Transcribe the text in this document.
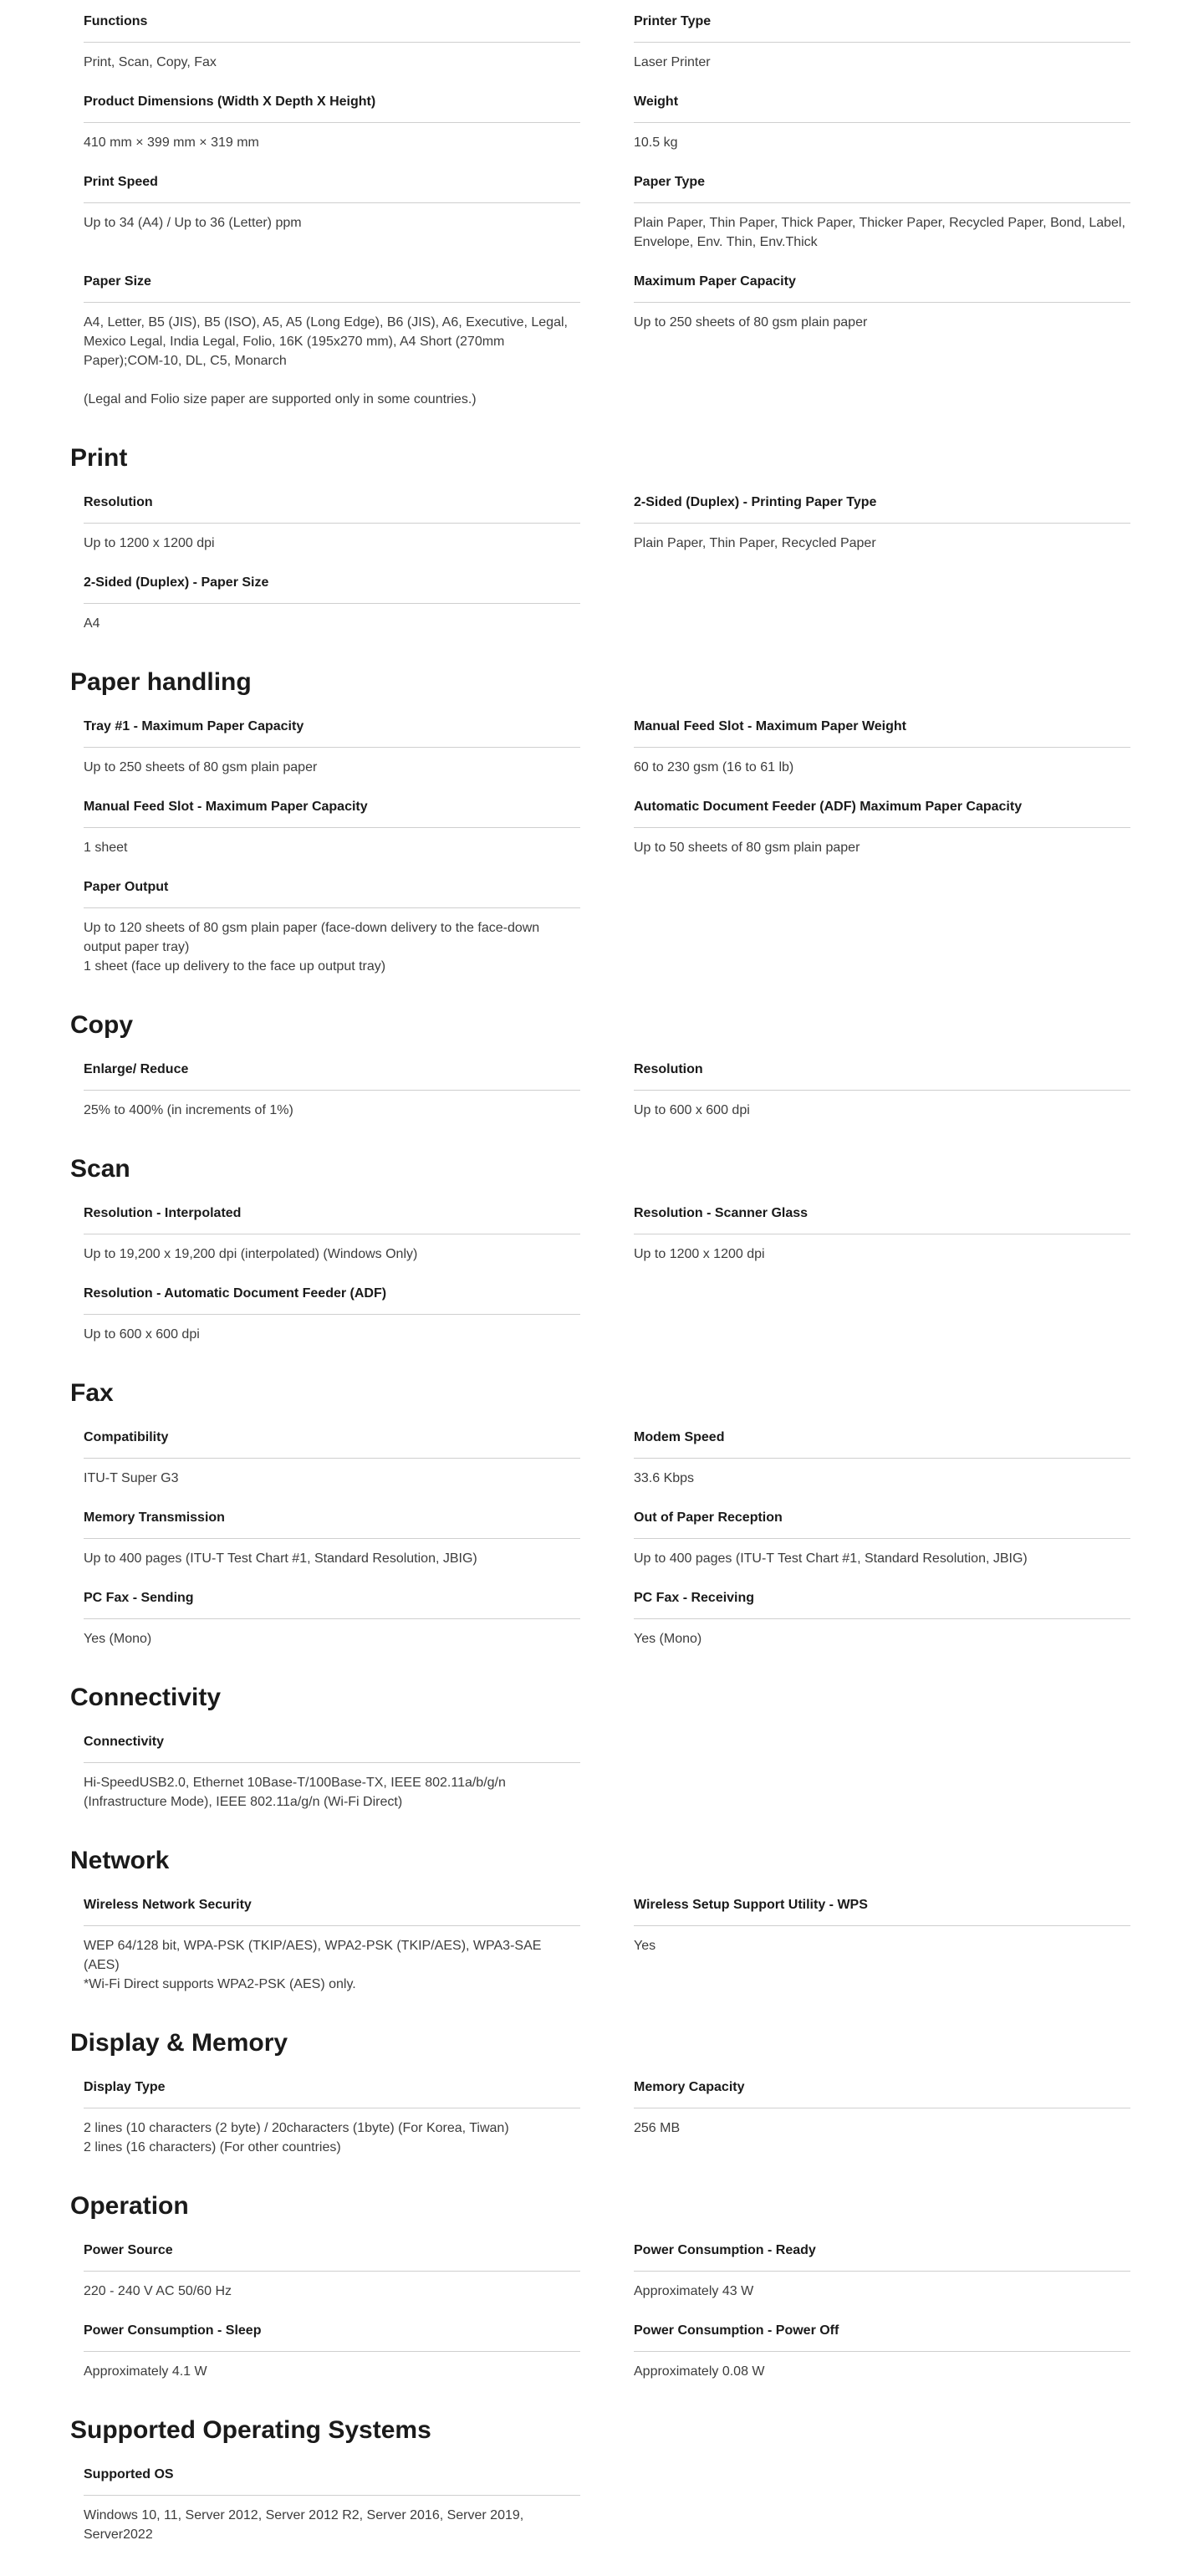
Functions
Print, Scan, Copy, Fax
Printer Type
Laser Printer
Product Dimensions (Width X Depth X Height)
410 mm × 399 mm × 319 mm
Weight
10.5 kg
Print Speed
Up to 34 (A4) / Up to 36 (Letter) ppm
Paper Type
Plain Paper, Thin Paper, Thick Paper, Thicker Paper, Recycled Paper, Bond, Label, Envelope, Env. Thin, Env.Thick
Paper Size
A4, Letter, B5 (JIS), B5 (ISO), A5, A5 (Long Edge), B6 (JIS), A6, Executive, Legal, Mexico Legal, India Legal, Folio, 16K (195x270 mm), A4 Short (270mm Paper);COM-10, DL, C5, Monarch

(Legal and Folio size paper are supported only in some countries.)
Maximum Paper Capacity
Up to 250 sheets of 80 gsm plain paper
Print
Resolution
Up to 1200 x 1200 dpi
2-Sided (Duplex) - Printing Paper Type
Plain Paper, Thin Paper, Recycled Paper
2-Sided (Duplex) - Paper Size
A4
Paper handling
Tray #1 - Maximum Paper Capacity
Up to 250 sheets of 80 gsm plain paper
Manual Feed Slot - Maximum Paper Weight
60 to 230 gsm (16 to 61 lb)
Manual Feed Slot - Maximum Paper Capacity
1 sheet
Automatic Document Feeder (ADF) Maximum Paper Capacity
Up to 50 sheets of 80 gsm plain paper
Paper Output
Up to 120 sheets of 80 gsm plain paper (face-down delivery to the face-down output paper tray)
1 sheet (face up delivery to the face up output tray)
Copy
Enlarge/ Reduce
25% to 400% (in increments of 1%)
Resolution
Up to 600 x 600 dpi
Scan
Resolution - Interpolated
Up to 19,200 x 19,200 dpi (interpolated) (Windows Only)
Resolution - Scanner Glass
Up to 1200 x 1200 dpi
Resolution - Automatic Document Feeder (ADF)
Up to 600 x 600 dpi
Fax
Compatibility
ITU-T Super G3
Modem Speed
33.6 Kbps
Memory Transmission
Up to 400 pages (ITU-T Test Chart #1, Standard Resolution, JBIG)
Out of Paper Reception
Up to 400 pages (ITU-T Test Chart #1, Standard Resolution, JBIG)
PC Fax - Sending
Yes (Mono)
PC Fax - Receiving
Yes (Mono)
Connectivity
Connectivity
Hi-SpeedUSB2.0, Ethernet 10Base-T/100Base-TX, IEEE 802.11a/b/g/n (Infrastructure Mode), IEEE 802.11a/g/n (Wi-Fi Direct)
Network
Wireless Network Security
WEP 64/128 bit, WPA-PSK (TKIP/AES), WPA2-PSK (TKIP/AES), WPA3-SAE (AES)
*Wi-Fi Direct supports WPA2-PSK (AES) only.
Wireless Setup Support Utility - WPS
Yes
Display & Memory
Display Type
2 lines (10 characters (2 byte) / 20characters (1byte) (For Korea, Tiwan)
2 lines (16 characters) (For other countries)
Memory Capacity
256 MB
Operation
Power Source
220 - 240 V AC 50/60 Hz
Power Consumption - Ready
Approximately 43 W
Power Consumption - Sleep
Approximately 4.1 W
Power Consumption - Power Off
Approximately 0.08 W
Supported Operating Systems
Supported OS
Windows 10, 11, Server 2012, Server 2012 R2, Server 2016, Server 2019, Server2022
